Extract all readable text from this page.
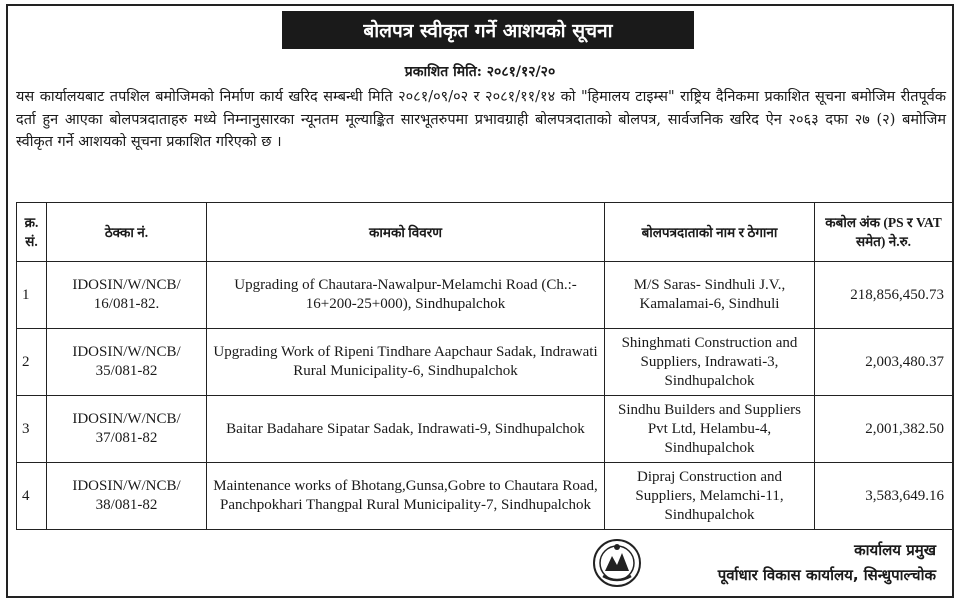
बोलपत्र स्वीकृत गर्ने आशयको सूचना
प्रकाशित मिति: २०८१/१२/२०
यस कार्यालयबाट तपशिल बमोजिमको निर्माण कार्य खरिद सम्बन्धी मिति २०८१/०९/०२ र २०८१/११/१४ को "हिमालय टाइम्स" राष्ट्रिय दैनिकमा प्रकाशित सूचना बमोजिम रीतपूर्वक दर्ता हुन आएका बोलपत्रदाताहरु मध्ये निम्नानुसारका न्यूनतम मूल्याङ्कित सारभूतरुपमा प्रभावग्राही बोलपत्रदाताको बोलपत्र, सार्वजनिक खरिद ऐन २०६३ दफा २७ (२) बमोजिम स्वीकृत गर्ने आशयको सूचना प्रकाशित गरिएको छ ।
क्र. सं.	ठेक्का नं.	कामको विवरण	बोलपत्रदाताको नाम र ठेगाना	कबोल अंक (PS र VAT समेत) ने.रु.
1	IDOSIN/W/NCB/ 16/081-82.	Upgrading of Chautara-Nawalpur-Melamchi Road (Ch.:- 16+200-25+000), Sindhupalchok	M/S Saras- Sindhuli J.V., Kamalamai-6, Sindhuli	218,856,450.73
2	IDOSIN/W/NCB/ 35/081-82	Upgrading Work of Ripeni Tindhare Aapchaur Sadak, Indrawati Rural Municipality-6, Sindhupalchok	Shinghmati Construction and Suppliers, Indrawati-3, Sindhupalchok	2,003,480.37
3	IDOSIN/W/NCB/ 37/081-82	Baitar Badahare Sipatar Sadak, Indrawati-9, Sindhupalchok	Sindhu Builders and Suppliers Pvt Ltd, Helambu-4, Sindhupalchok	2,001,382.50
4	IDOSIN/W/NCB/ 38/081-82	Maintenance works of Bhotang,Gunsa,Gobre to Chautara Road, Panchpokhari Thangpal Rural Municipality-7, Sindhupalchok	Dipraj Construction and Suppliers, Melamchi-11, Sindhupalchok	3,583,649.16
कार्यालय प्रमुख
पूर्वाधार विकास कार्यालय, सिन्धुपाल्चोक
